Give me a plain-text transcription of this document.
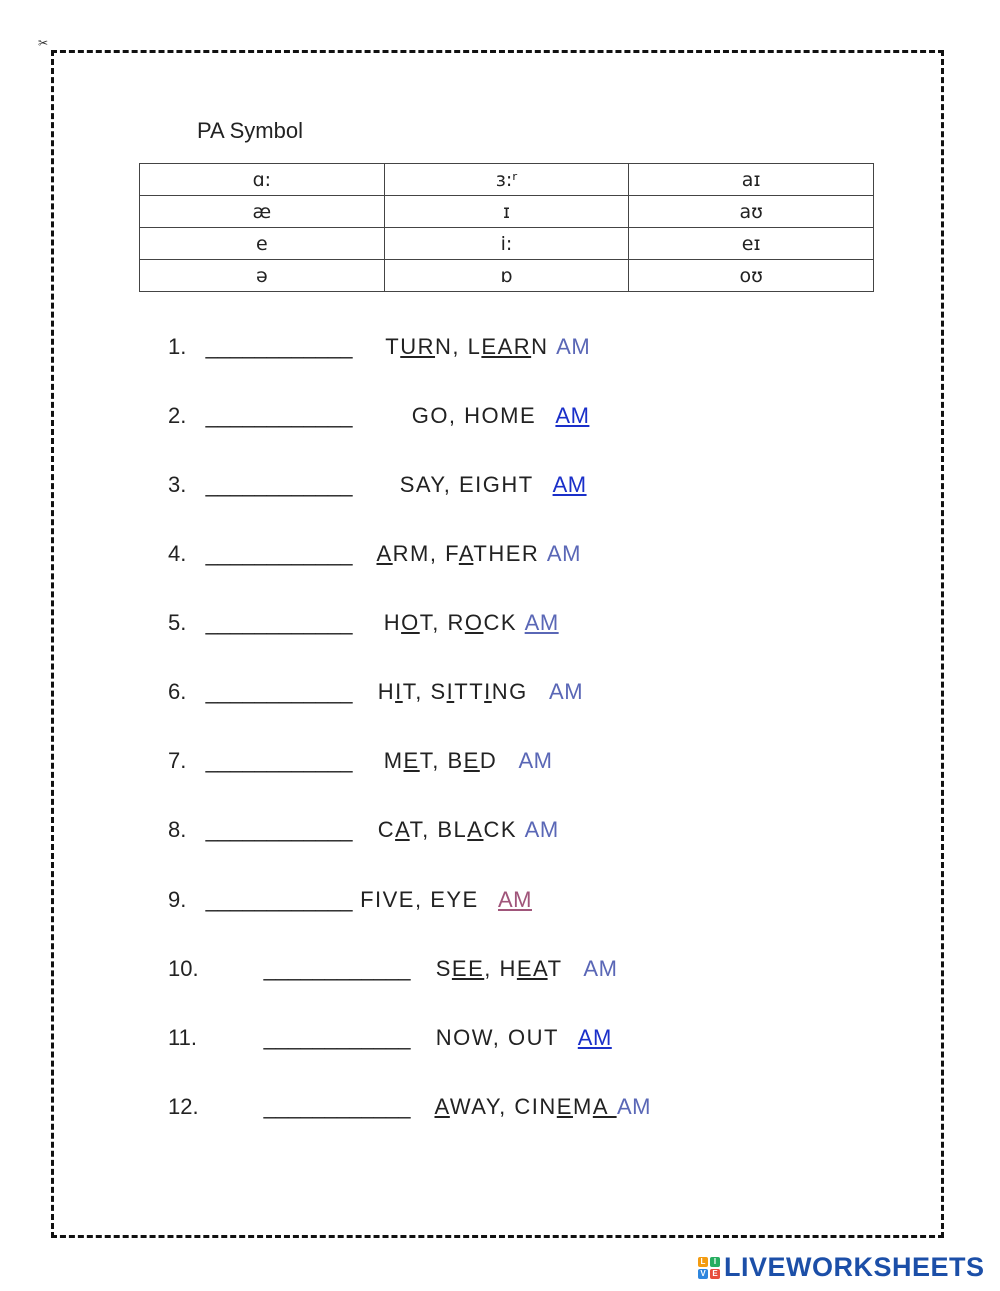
✂
PA Symbol
ɑ:	ɜ:ʳ	aɪ
æ	ɪ	aʊ
e	i:	eɪ
ə	ɒ	oʊ
1. ____________ TURN, LEARN AM
2. ____________	GO, HOME AM
3. ____________ SAY, EIGHT AM
4. ____________ ARM, FATHER AM
5. ____________ HOT, ROCK AM
6. ____________ HIT, SITTING AM
7. ____________ MET, BED AM
8. ____________ CAT, BLACK AM
9. ____________ FIVE, EYE AM
10.	____________ SEE, HEAT AM
11.	____________ NOW, OUT AM
12.	____________ AWAY, CINEMA AM
L	I
V E LIVEWORKSHEETS
